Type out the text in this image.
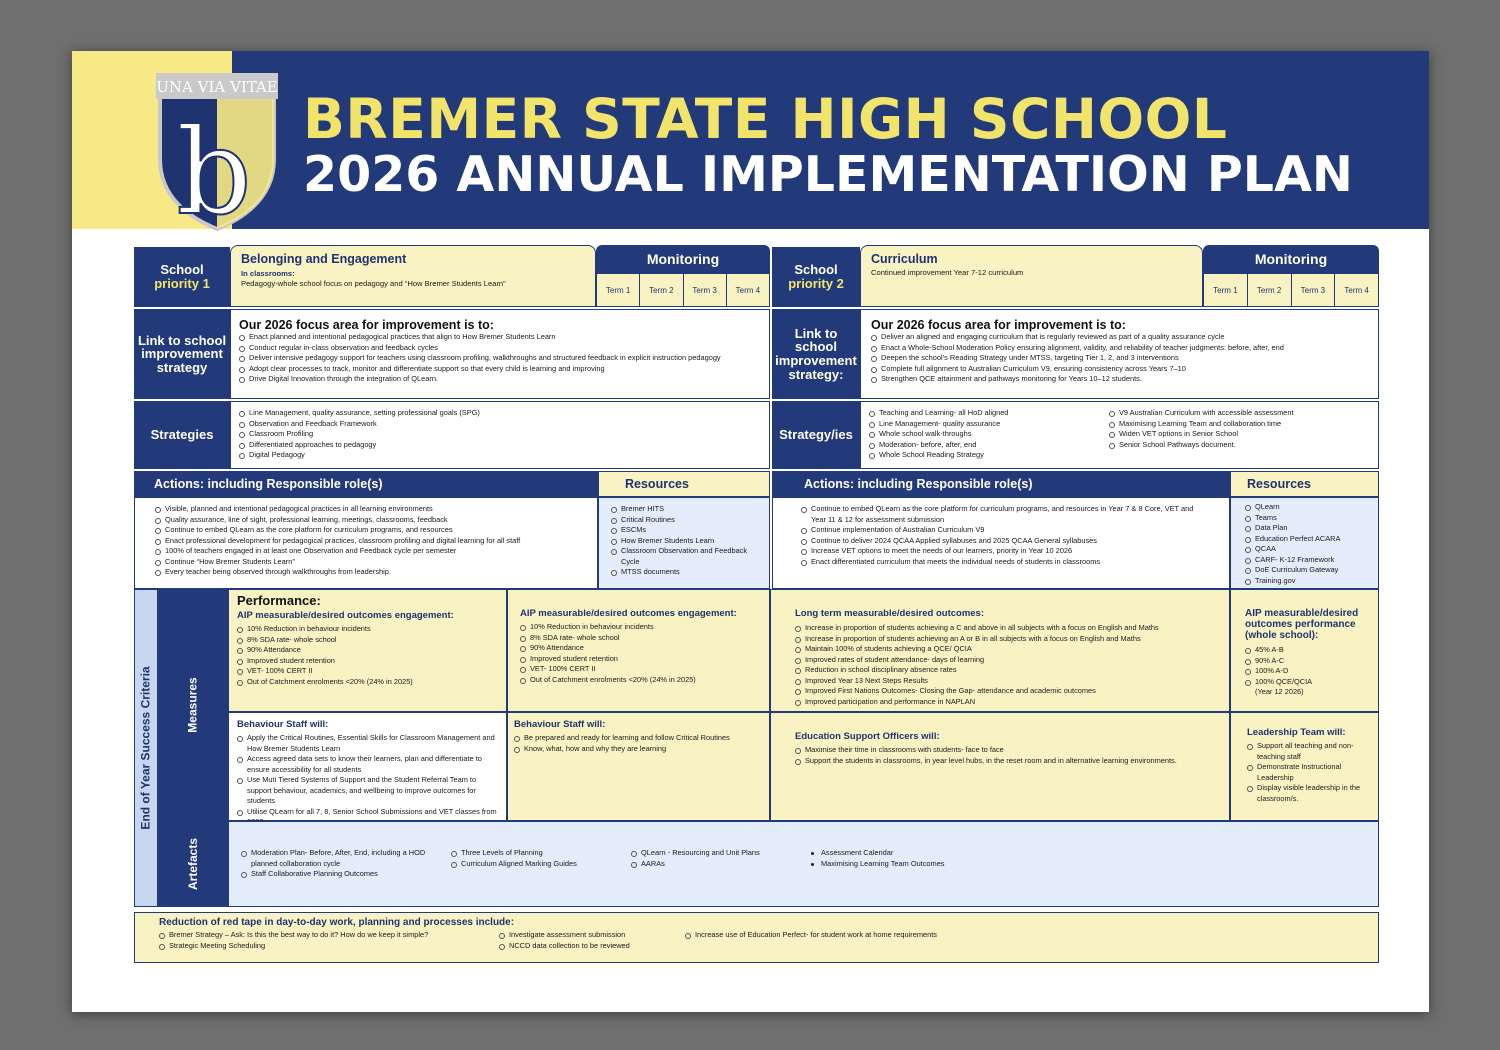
UNA VIA VITAE
b BREMER STATE HIGH SCHOOL
2026 ANNUAL IMPLEMENTATION PLAN
School
priority 1
Belonging and Engagement
In classrooms:
Pedagogy-whole school focus on pedagogy and “How Bremer Students Learn”
Monitoring
Term 1	Term 2	Term 3	Term 4
Link to school improvement strategy
Our 2026 focus area for improvement is to:
Enact planned and intentional pedagogical practices that align to How Bremer Students Learn
Conduct regular in-class observation and feedback cycles
Deliver intensive pedagogy support for teachers using classroom profiling, walkthroughs and structured feedback in explicit instruction pedagogy
Adopt clear processes to track, monitor and differentiate support so that every child is learning and improving
Drive Digital Innovation through the integration of QLearn.
Strategies
Line Management, quality assurance, setting professional goals (SPG)
Observation and Feedback Framework
Classroom Profiling
Differentiated approaches to pedagogy
Digital Pedagogy
Actions: including Responsible role(s)	Resources
Visible, planned and intentional pedagogical practices in all learning environments
Quality assurance, line of sight, professional learning, meetings, classrooms, feedback
Continue to embed QLearn as the core platform for curriculum programs, and resources
Enact professional development for pedagogical practices, classroom profiling and digital learning for all staff
100% of teachers engaged in at least one Observation and Feedback cycle per semester
Continue “How Bremer Students Learn”
Every teacher being observed through walkthroughs from leadership.
Bremer HITS
Critical Routines
ESCMs
How Bremer Students Learn
Classroom Observation and Feedback Cycle
MTSS documents
School
priority 2
Curriculum
Continued improvement Year 7-12 curriculum
Monitoring
Term 1	Term 2	Term 3	Term 4
Link to school improvement strategy:
Our 2026 focus area for improvement is to:
Deliver an aligned and engaging curriculum that is regularly reviewed as part of a quality assurance cycle
Enact a Whole-School Moderation Policy ensuring alignment, validity, and reliability of teacher judgments: before, after, end
Deepen the school’s Reading Strategy under MTSS, targeting Tier 1, 2, and 3 interventions
Complete full alignment to Australian Curriculum V9, ensuring consistency across Years 7–10
Strengthen QCE attainment and pathways monitoring for Years 10–12 students.
Strategy/ies
Teaching and Learning- all HoD aligned
Line Management- quality assurance
Whole school walk-throughs
Moderation- before, after, end
Whole School Reading Strategy
V9 Australian Curriculum with accessible assessment
Maximising Learning Team and collaboration time
Widen VET options in Senior School
Senior School Pathways document.
Actions: including Responsible role(s)	Resources
Continue to embed QLearn as the core platform for curriculum programs, and resources in Year 7 & 8 Core, VET and Year 11 & 12 for assessment submission
Continue implementation of Australian Curriculum V9
Continue to deliver 2024 QCAA Applied syllabuses and 2025 QCAA General syllabuses
Increase VET options to meet the needs of our learners, priority in Year 10 2026
Enact differentiated curriculum that meets the individual needs of students in classrooms
QLearn
Teams
Data Plan
Education Perfect ACARA
QCAA
CARF- K-12 Framework
DoE Curriculum Gateway
Training.gov
End of Year Success Criteria	Measures
Artefacts
Performance:
AIP measurable/desired outcomes engagement:
10% Reduction in behaviour incidents
8% SDA rate- whole school
90% Attendance
Improved student retention
VET- 100% CERT II
Out of Catchment enrolments <20% (24% in 2025)
AIP measurable/desired outcomes engagement:
10% Reduction in behaviour incidents
8% SDA rate- whole school
90% Attendance
Improved student retention
VET- 100% CERT II
Out of Catchment enrolments <20% (24% in 2025)
Long term measurable/desired outcomes:
Increase in proportion of students achieving a C and above in all subjects with a focus on English and Maths
Increase in proportion of students achieving an A or B in all subjects with a focus on English and Maths
Maintain 100% of students achieving a QCE/ QCIA
Improved rates of student attendance- days of learning
Reduction in school disciplinary absence rates
Improved Year 13 Next Steps Results
Improved First Nations Outcomes- Closing the Gap- attendance and academic outcomes
Improved participation and performance in NAPLAN
AIP measurable/desired outcomes performance (whole school):
45% A-B
90% A-C
100% A-D
100% QCE/QCIA
(Year 12 2026)
Behaviour Staff will:
Apply the Critical Routines, Essential Skills for Classroom Management and How Bremer Students Learn
Access agreed data sets to know their learners, plan and differentiate to ensure accessibility for all students
Use Muti Tiered Systems of Support and the Student Referral Team to support behaviour, academics, and wellbeing to improve outcomes for students
Utilise QLearn for all 7, 8, Senior School Submissions and VET classes from
Behaviour Staff will:
Be prepared and ready for learning and follow Critical Routines
Know, what, how and why they are learning
Education Support Officers will:
Maximise their time in classrooms with students- face to face
Support the students in classrooms, in year level hubs, in the reset room and in alternative learning environments.
Leadership Team will:
Support all teaching and non- teaching staff
Demonstrate Instructional Leadership
Display visible leadership in the classroom/s.
Moderation Plan- Before, After, End, including a HOD planned collaboration cycle
Staff Collaborative Planning Outcomes
Three Levels of Planning
Curriculum Aligned Marking Guides
QLearn - Resourcing and Unit Plans
AARAs
Assessment Calendar
Maximising Learning Team Outcomes
Reduction of red tape in day-to-day work, planning and processes include:
Bremer Strategy – Ask: Is this the best way to do it? How do we keep it simple?
Strategic Meeting Scheduling
Investigate assessment submission
NCCD data collection to be reviewed
Increase use of Education Perfect- for student work at home requirements
